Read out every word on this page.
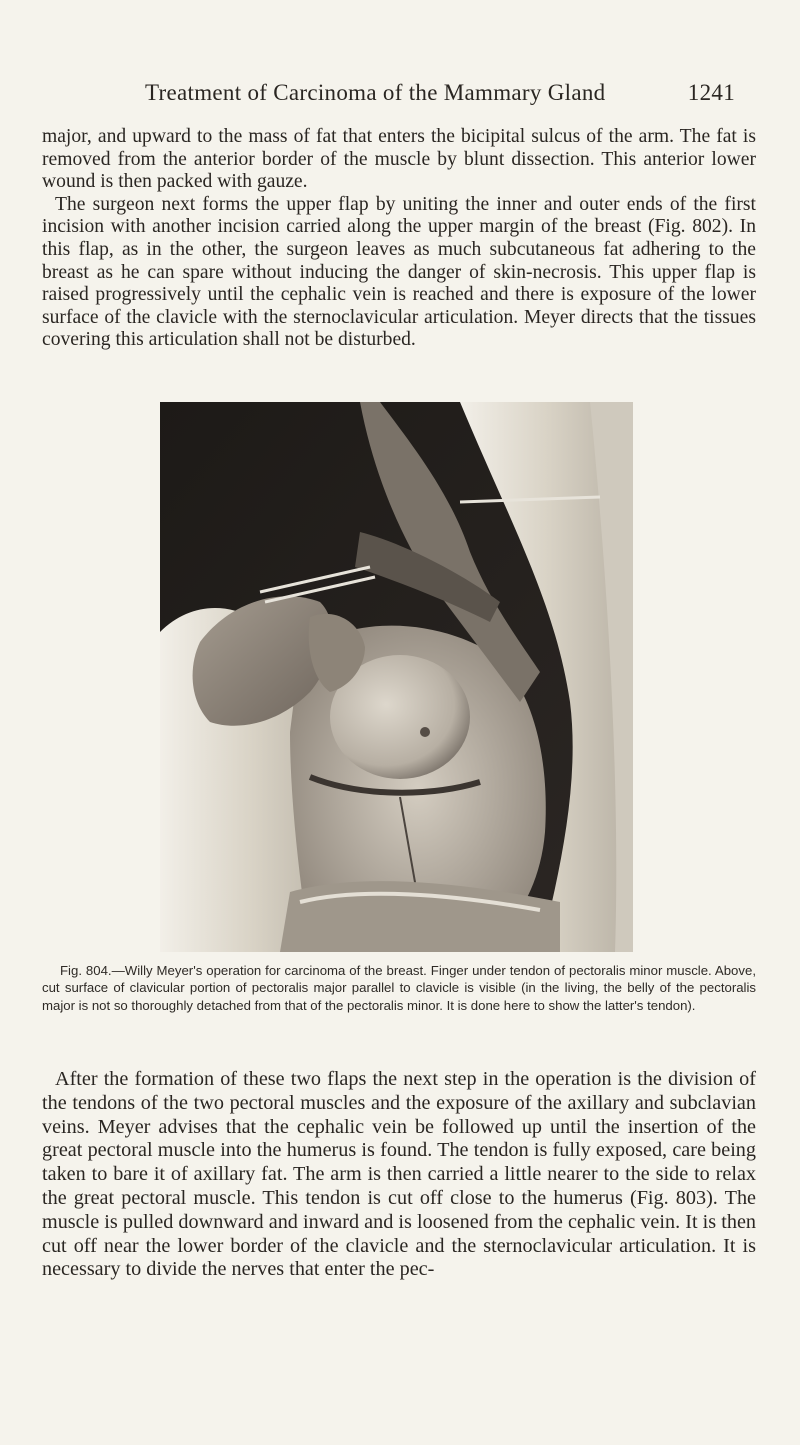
Treatment of Carcinoma of the Mammary Gland	1241

major, and upward to the mass of fat that enters the bicipital sulcus of the arm. The fat is removed from the anterior border of the muscle by blunt dissection. This anterior lower wound is then packed with gauze.

The surgeon next forms the upper flap by uniting the inner and outer ends of the first incision with another incision carried along the upper margin of the breast (Fig. 802). In this flap, as in the other, the surgeon leaves as much subcutaneous fat adhering to the breast as he can spare without inducing the danger of skin-necrosis. This upper flap is raised progressively until the cephalic vein is reached and there is exposure of the lower surface of the clavicle with the sternoclavicular articulation. Meyer directs that the tissues covering this articulation shall not be disturbed.

Fig. 804.—Willy Meyer's operation for carcinoma of the breast. Finger under tendon of pectoralis minor muscle. Above, cut surface of clavicular portion of pectoralis major parallel to clavicle is visible (in the living, the belly of the pectoralis major is not so thoroughly detached from that of the pectoralis minor. It is done here to show the latter's tendon).

After the formation of these two flaps the next step in the operation is the division of the tendons of the two pectoral muscles and the exposure of the axillary and subclavian veins. Meyer advises that the cephalic vein be followed up until the insertion of the great pectoral muscle into the humerus is found. The tendon is fully exposed, care being taken to bare it of axillary fat. The arm is then carried a little nearer to the side to relax the great pectoral muscle. This tendon is cut off close to the humerus (Fig. 803). The muscle is pulled downward and inward and is loosened from the cephalic vein. It is then cut off near the lower border of the clavicle and the sternoclavicular articulation. It is necessary to divide the nerves that enter the pec-
